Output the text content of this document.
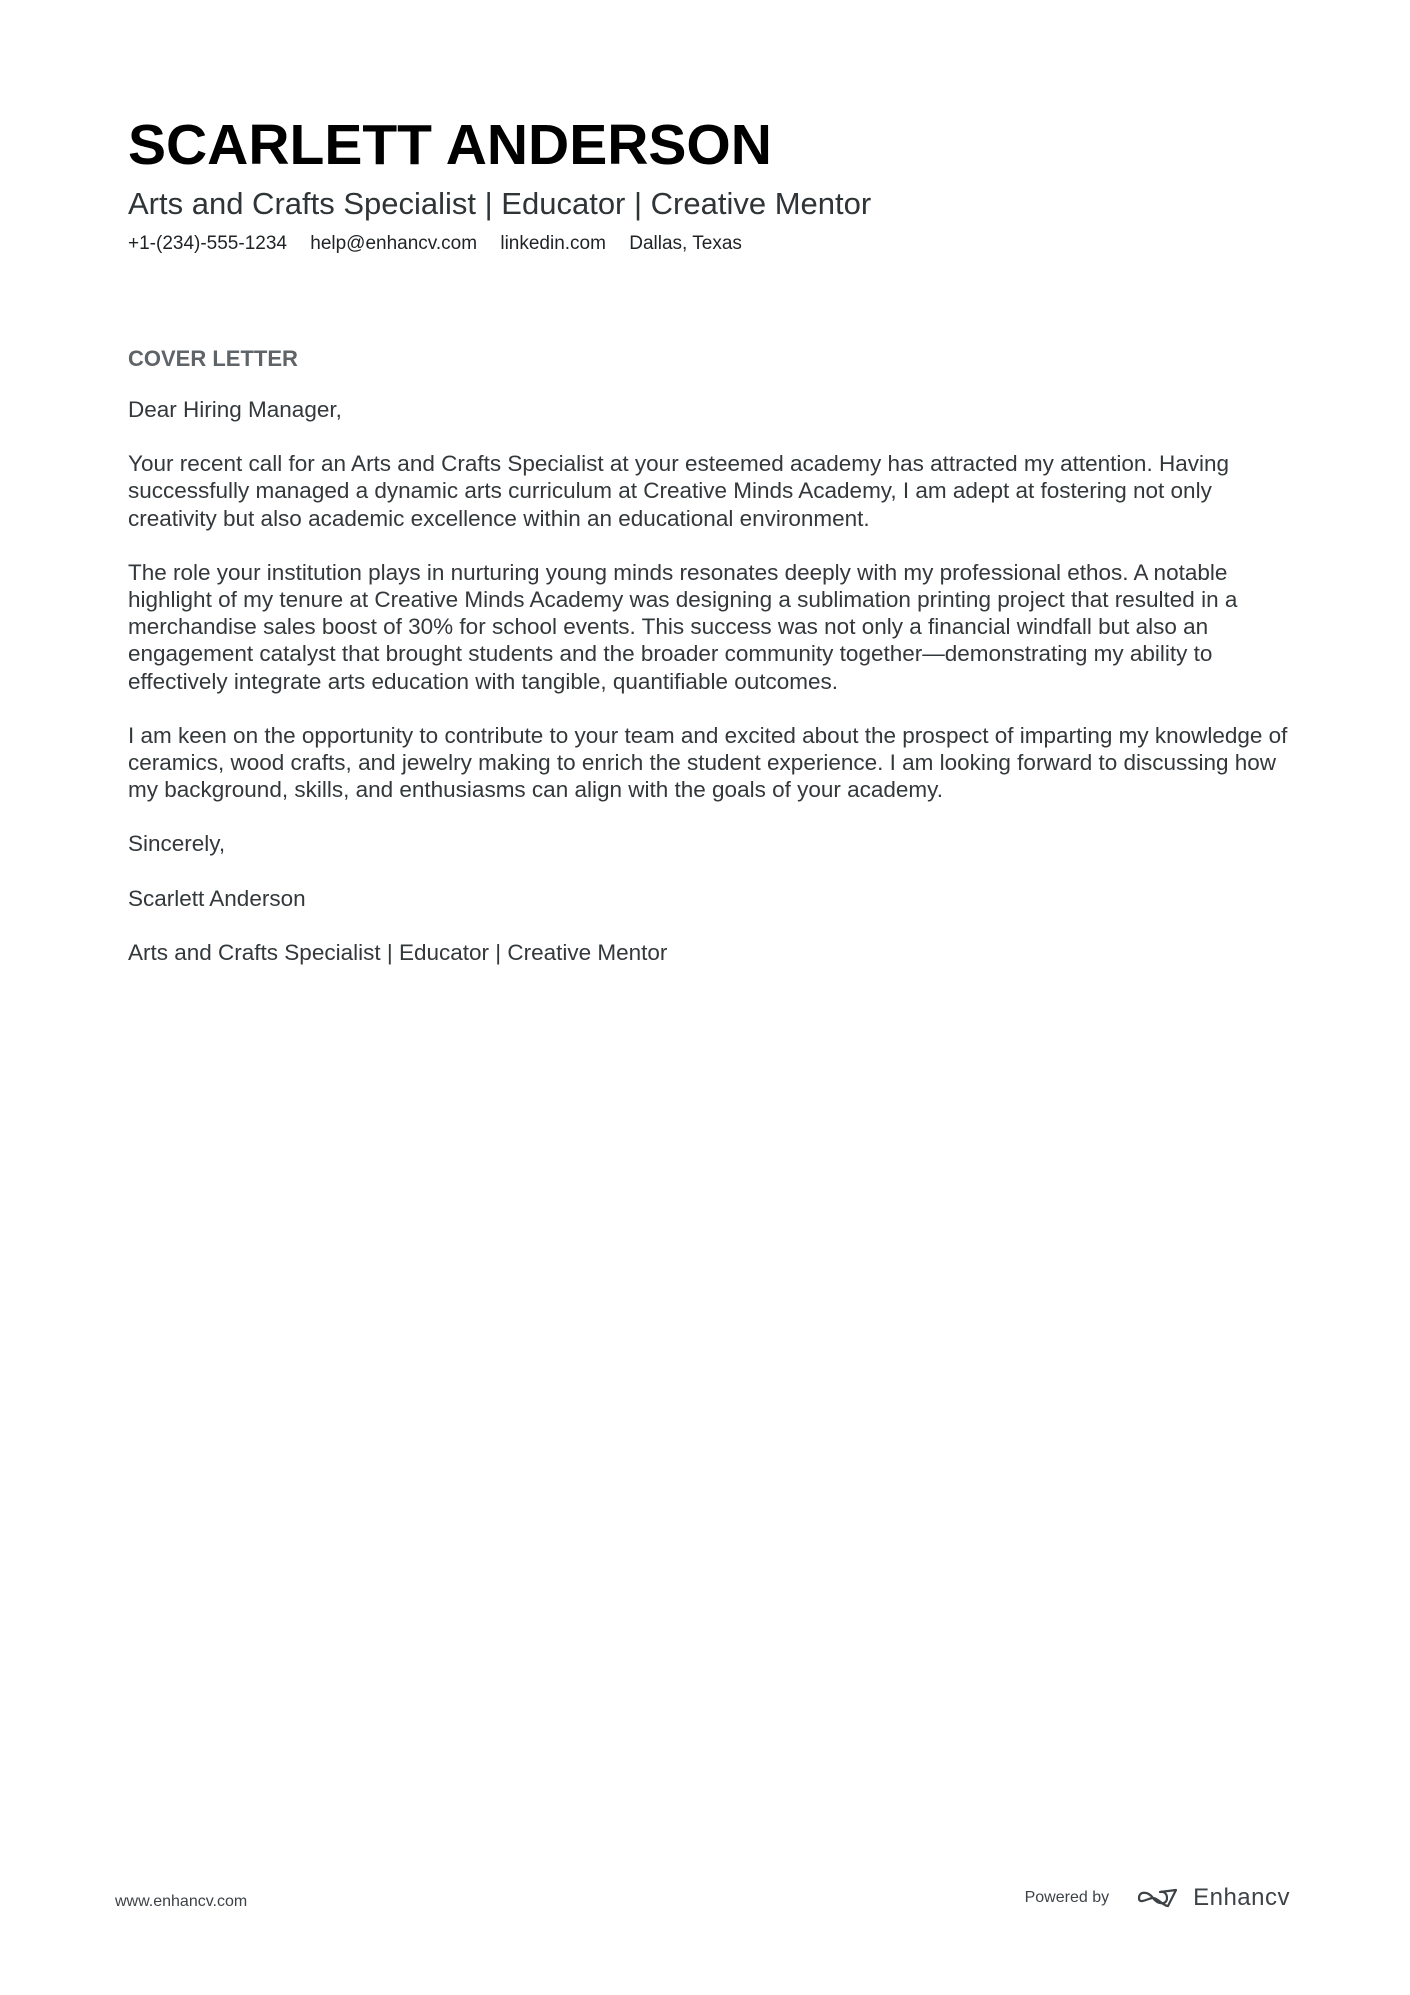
SCARLETT ANDERSON
Arts and Crafts Specialist | Educator | Creative Mentor
+1-(234)-555-1234 help@enhancv.com linkedin.com Dallas, Texas
COVER LETTER

Dear Hiring Manager,

Your recent call for an Arts and Crafts Specialist at your esteemed academy has attracted my attention. Having successfully managed a dynamic arts curriculum at Creative Minds Academy, I am adept at fostering not only creativity but also academic excellence within an educational environment.

The role your institution plays in nurturing young minds resonates deeply with my professional ethos. A notable highlight of my tenure at Creative Minds Academy was designing a sublimation printing project that resulted in a merchandise sales boost of 30% for school events. This success was not only a financial windfall but also an engagement catalyst that brought students and the broader community together—demonstrating my ability to effectively integrate arts education with tangible, quantifiable outcomes.

I am keen on the opportunity to contribute to your team and excited about the prospect of imparting my knowledge of ceramics, wood crafts, and jewelry making to enrich the student experience. I am looking forward to discussing how my background, skills, and enthusiasms can align with the goals of your academy.

Sincerely,

Scarlett Anderson

Arts and Crafts Specialist | Educator | Creative Mentor

www.enhancv.com	Powered by	Enhancv
